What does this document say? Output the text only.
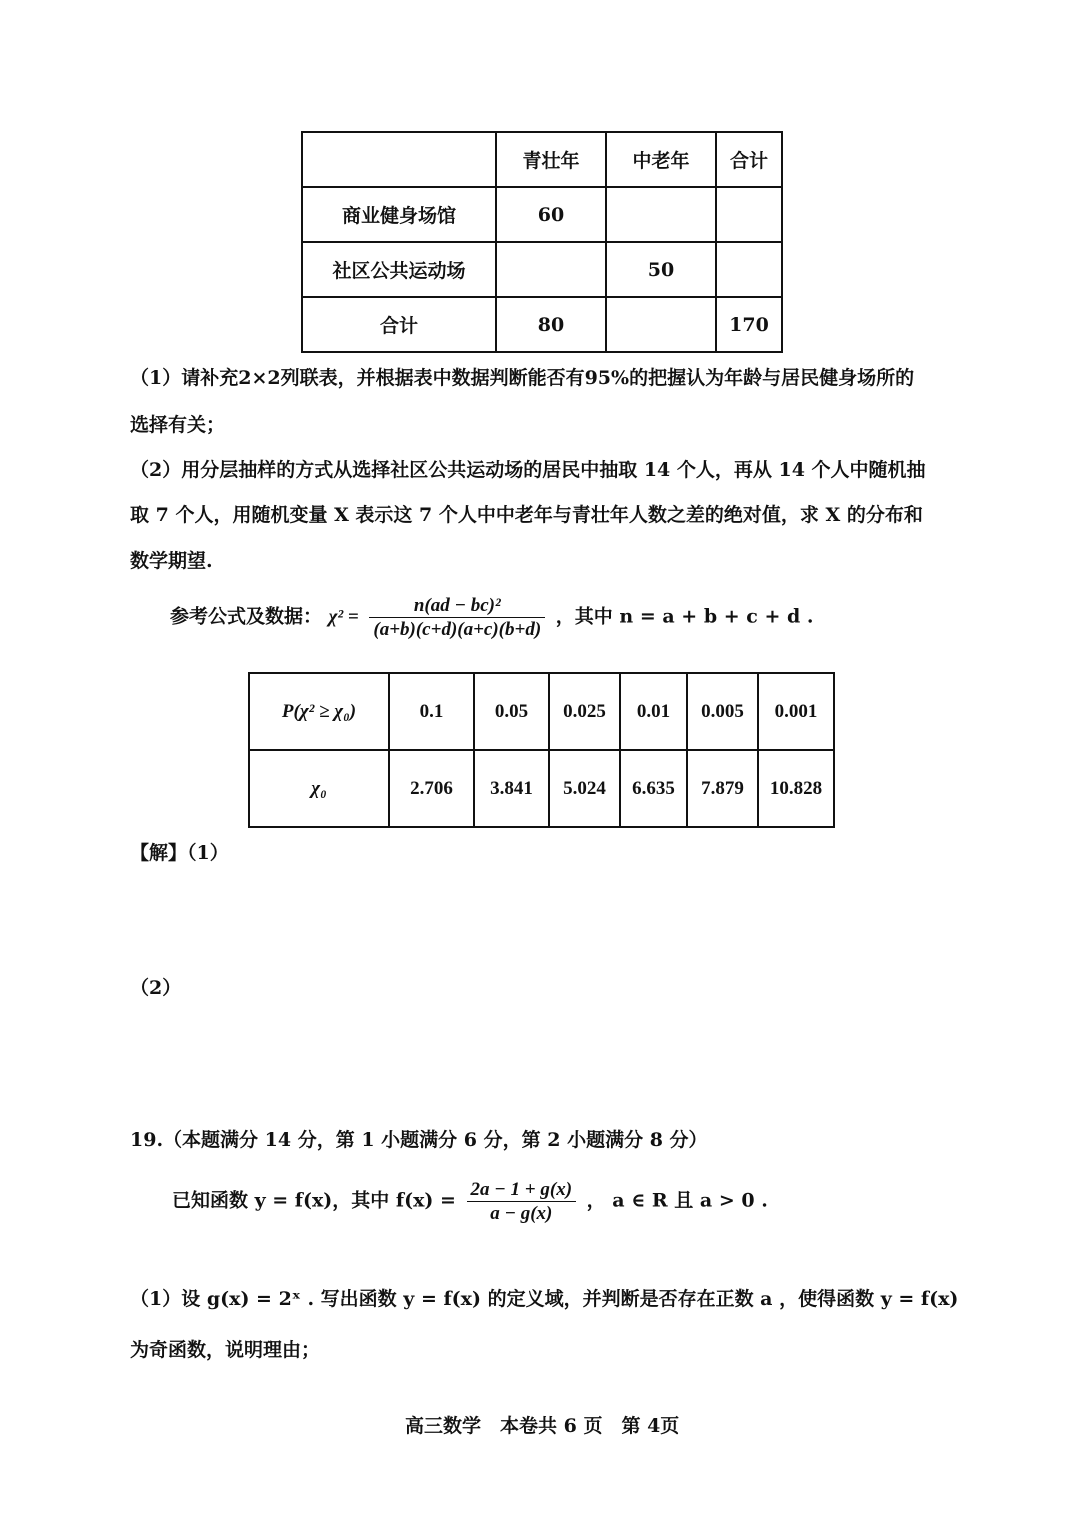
	青壮年	中老年	合计
商业健身场馆	60		
社区公共运动场		50	
合计	80		170
（1）请补充2×2列联表，并根据表中数据判断能否有95%的把握认为年龄与居民健身场所的
选择有关；
（2）用分层抽样的方式从选择社区公共运动场的居民中抽取 14 个人，再从 14 个人中随机抽
取 7 个人，用随机变量 X 表示这 7 个人中中老年与青壮年人数之差的绝对值，求 X 的分布和
数学期望.
参考公式及数据： $\chi^2 = \frac{\text{n(ad − bc)²}}{(a+b)(c+d)(a+c)(b+d)}$ ，其中 n = a + b + c + d .
P(χ² ≥ χ₀)	0.1	0.05	0.025	0.01	0.005	0.001
χ₀	2.706	3.841	5.024	6.635	7.879	10.828
【解】（1）
（2）
19.（本题满分 14 分，第 1 小题满分 6 分，第 2 小题满分 8 分）
已知函数 y = f(x)，其中 $f(x) = \frac{2a - 1 + g(x)}{a - g(x)}$ ， a ∈ R 且 a > 0 .
（1）设 g(x) = 2ˣ . 写出函数 y = f(x) 的定义域，并判断是否存在正数 a ，使得函数 y = f(x)
为奇函数，说明理由；
高三数学　本卷共 6 页　第 4页
